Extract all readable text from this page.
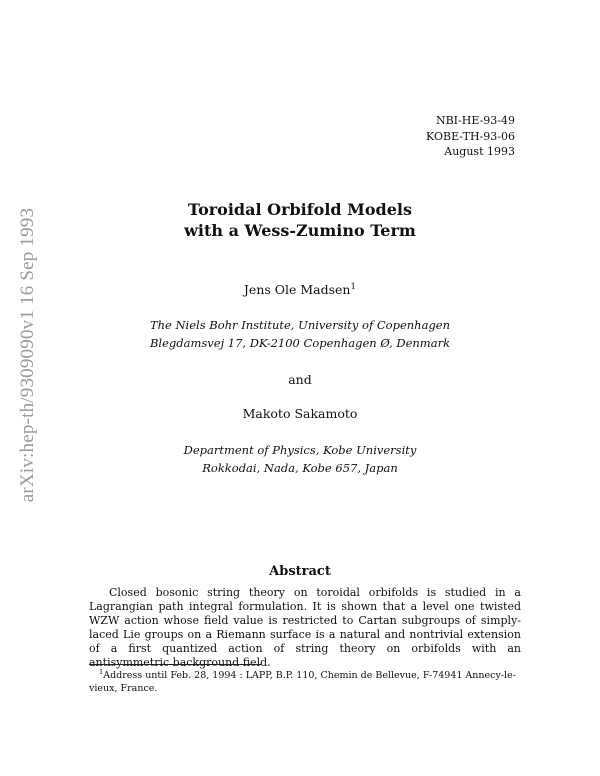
NBI-HE-93-49
KOBE-TH-93-06
August 1993
arXiv:hep-th/9309090v1 16 Sep 1993	Toroidal Orbifold Models
with a Wess-Zumino Term
Jens Ole Madsen$^1$
The Niels Bohr Institute, University of Copenhagen
Blegdamsvej 17, DK-2100 Copenhagen Ø, Denmark
and
Makoto Sakamoto
Department of Physics, Kobe University
Rokkodai, Nada, Kobe 657, Japan
Abstract
Closed bosonic string theory on toroidal orbifolds is studied in a Lagrangian path integral formulation. It is shown that a level one twisted WZW action whose field value is restricted to Cartan subgroups of simply-laced Lie groups on a Riemann surface is a natural and nontrivial extension of a first quantized action of string theory on orbifolds with an antisymmetric background field.
$^1$Address until Feb. 28, 1994 : LAPP, B.P. 110, Chemin de Bellevue, F-74941 Annecy-le-vieux, France.
